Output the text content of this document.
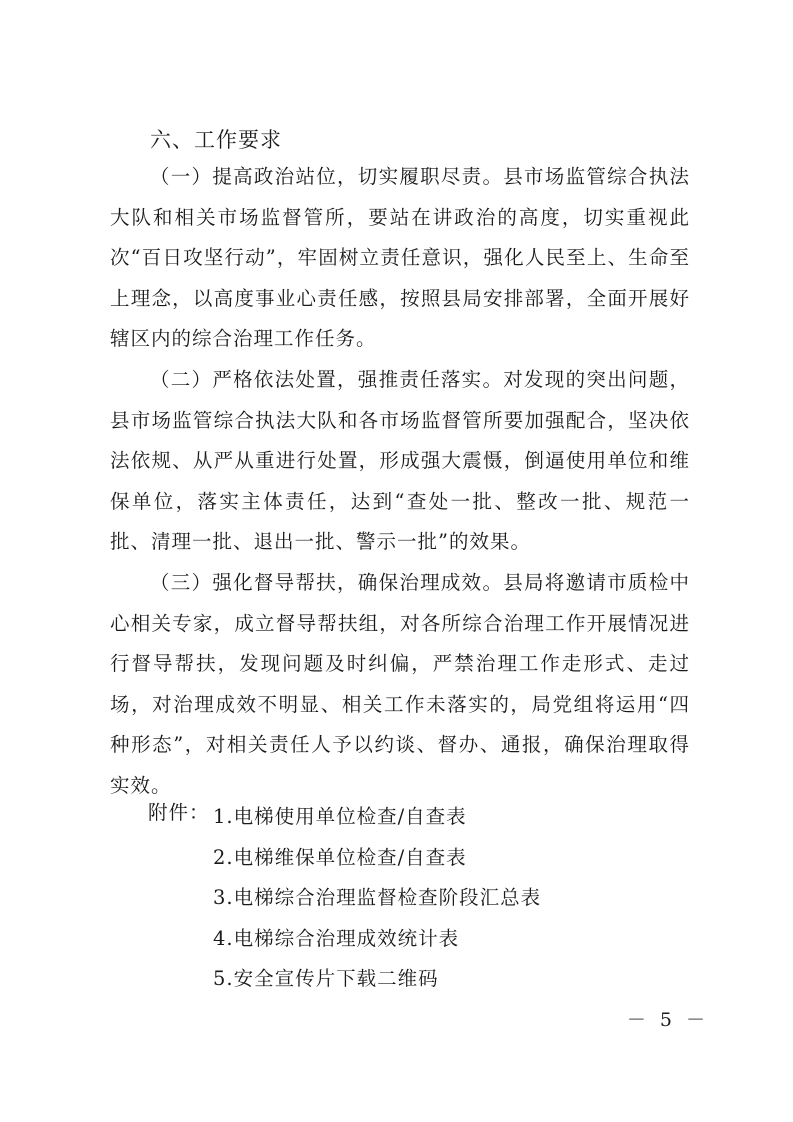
六、工作要求

（一）提高政治站位，切实履职尽责。县市场监管综合执法大队和相关市场监督管所，要站在讲政治的高度，切实重视此次“百日攻坚行动”，牢固树立责任意识，强化人民至上、生命至上理念，以高度事业心责任感，按照县局安排部署，全面开展好辖区内的综合治理工作任务。

（二）严格依法处置，强推责任落实。对发现的突出问题，县市场监管综合执法大队和各市场监督管所要加强配合，坚决依法依规、从严从重进行处置，形成强大震慑，倒逼使用单位和维保单位，落实主体责任，达到“查处一批、整改一批、规范一批、清理一批、退出一批、警示一批”的效果。

（三）强化督导帮扶，确保治理成效。县局将邀请市质检中心相关专家，成立督导帮扶组，对各所综合治理工作开展情况进行督导帮扶，发现问题及时纠偏，严禁治理工作走形式、走过场，对治理成效不明显、相关工作未落实的，局党组将运用“四种形态”，对相关责任人予以约谈、督办、通报，确保治理取得实效。

附件： 1.电梯使用单位检查/自查表
2.电梯维保单位检查/自查表
3.电梯综合治理监督检查阶段汇总表
4.电梯综合治理成效统计表
5.安全宣传片下载二维码
－ 5 －
